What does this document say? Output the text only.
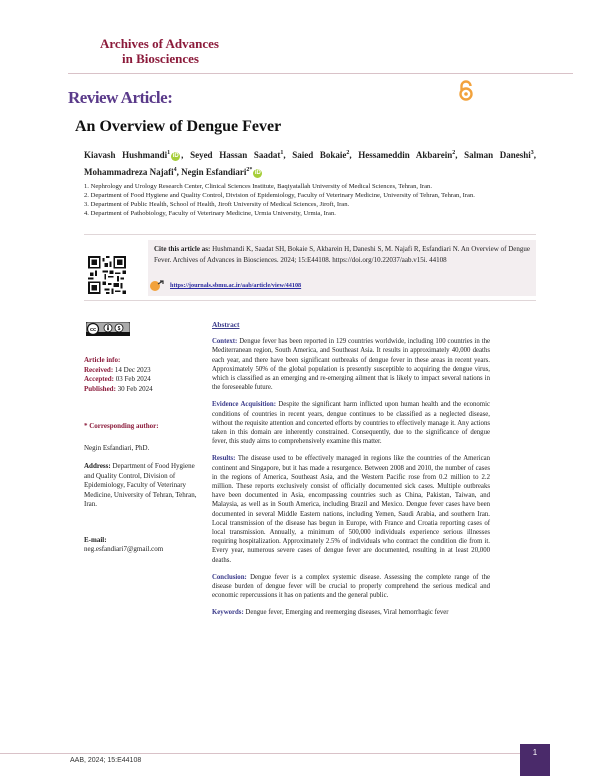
Archives of Advances
in Biosciences
Review Article:
An Overview of Dengue Fever
Kiavash Hushmandi$^1$ iD , Seyed Hassan Saadat$^1$, Saied Bokaie$^2$, Hessameddin Akbarein$^2$, Salman Daneshi$^3$, Mohammadreza Najafi$^4$, Negin Esfandiari$^{2*}$ iD

1. Nephrology and Urology Research Center, Clinical Sciences Institute, Baqiyatallah University of Medical Sciences, Tehran, Iran.

2. Department of Food Hygiene and Quality Control, Division of Epidemiology, Faculty of Veterinary Medicine, University of Tehran, Tehran, Iran.

3. Department of Public Health, School of Health, Jiroft University of Medical Sciences, Jiroft, Iran.

4. Department of Pathobiology, Faculty of Veterinary Medicine, Urmia University, Urmia, Iran.

Cite this article as: Hushmandi K, Saadat SH, Bokaie S, Akbarein H, Daneshi S, M. Najafi R, Esfandiari N. An Overview of Dengue Fever. Archives of Advances in Biosciences. 2024; 15:E44108. https://doi.org/10.22037/aab.v15i. 44108
https://journals.sbmu.ac.ir/aab/article/view/44108
cc	$
Article info:
Received: 14 Dec 2023
Accepted: 03 Feb 2024
Published: 30 Feb 2024
* Corresponding author:
Negin Esfandiari, PhD.
Address: Department of Food Hygiene and Quality Control, Division of Epidemiology, Faculty of Veterinary Medicine, University of Tehran, Tehran, Iran.
E-mail:
neg.esfandiari7@gmail.com
Abstract

Context: Dengue fever has been reported in 129 countries worldwide, including 100 countries in the Mediterranean region, South America, and Southeast Asia. It results in approximately 40,000 deaths each year, and there have been significant outbreaks of dengue fever in these areas in recent years. Approximately 50% of the global population is presently susceptible to acquiring the dengue virus, which is classified as an emerging and re-emerging ailment that is likely to impact several nations in the foreseeable future.

Evidence Acquisition: Despite the significant harm inflicted upon human health and the economic conditions of countries in recent years, dengue continues to be classified as a neglected disease, without the requisite attention and concerted efforts by countries to effectively manage it. Any actions taken in this domain are inherently constrained. Consequently, due to the significance of dengue fever, this study aims to comprehensively examine this matter.

Results: The disease used to be effectively managed in regions like the countries of the American continent and Singapore, but it has made a resurgence. Between 2008 and 2010, the number of cases in the regions of America, Southeast Asia, and the Western Pacific rose from 0.2 million to 2.2 million. These reports exclusively consist of officially documented sick cases. Multiple outbreaks have been documented in Asia, encompassing countries such as China, Pakistan, Taiwan, and Malaysia, as well as in South America, including Brazil and Mexico. Dengue fever cases have been documented in several Middle Eastern nations, including Yemen, Saudi Arabia, and southern Iran. Local transmission of the disease has begun in Europe, with France and Croatia reporting cases of local transmission. Annually, a minimum of 500,000 individuals experience serious illnesses requiring hospitalization. Approximately 2.5% of individuals who contract the condition die from it. Every year, numerous severe cases of dengue fever are documented, resulting in at least 20,000 deaths.

Conclusion: Dengue fever is a complex systemic disease. Assessing the complete range of the disease burden of dengue fever will be crucial to properly comprehend the serious medical and economic repercussions it has on patients and the general public.

Keywords: Dengue fever, Emerging and reemerging diseases, Viral hemorrhagic fever

AAB, 2024; 15:E44108
1
